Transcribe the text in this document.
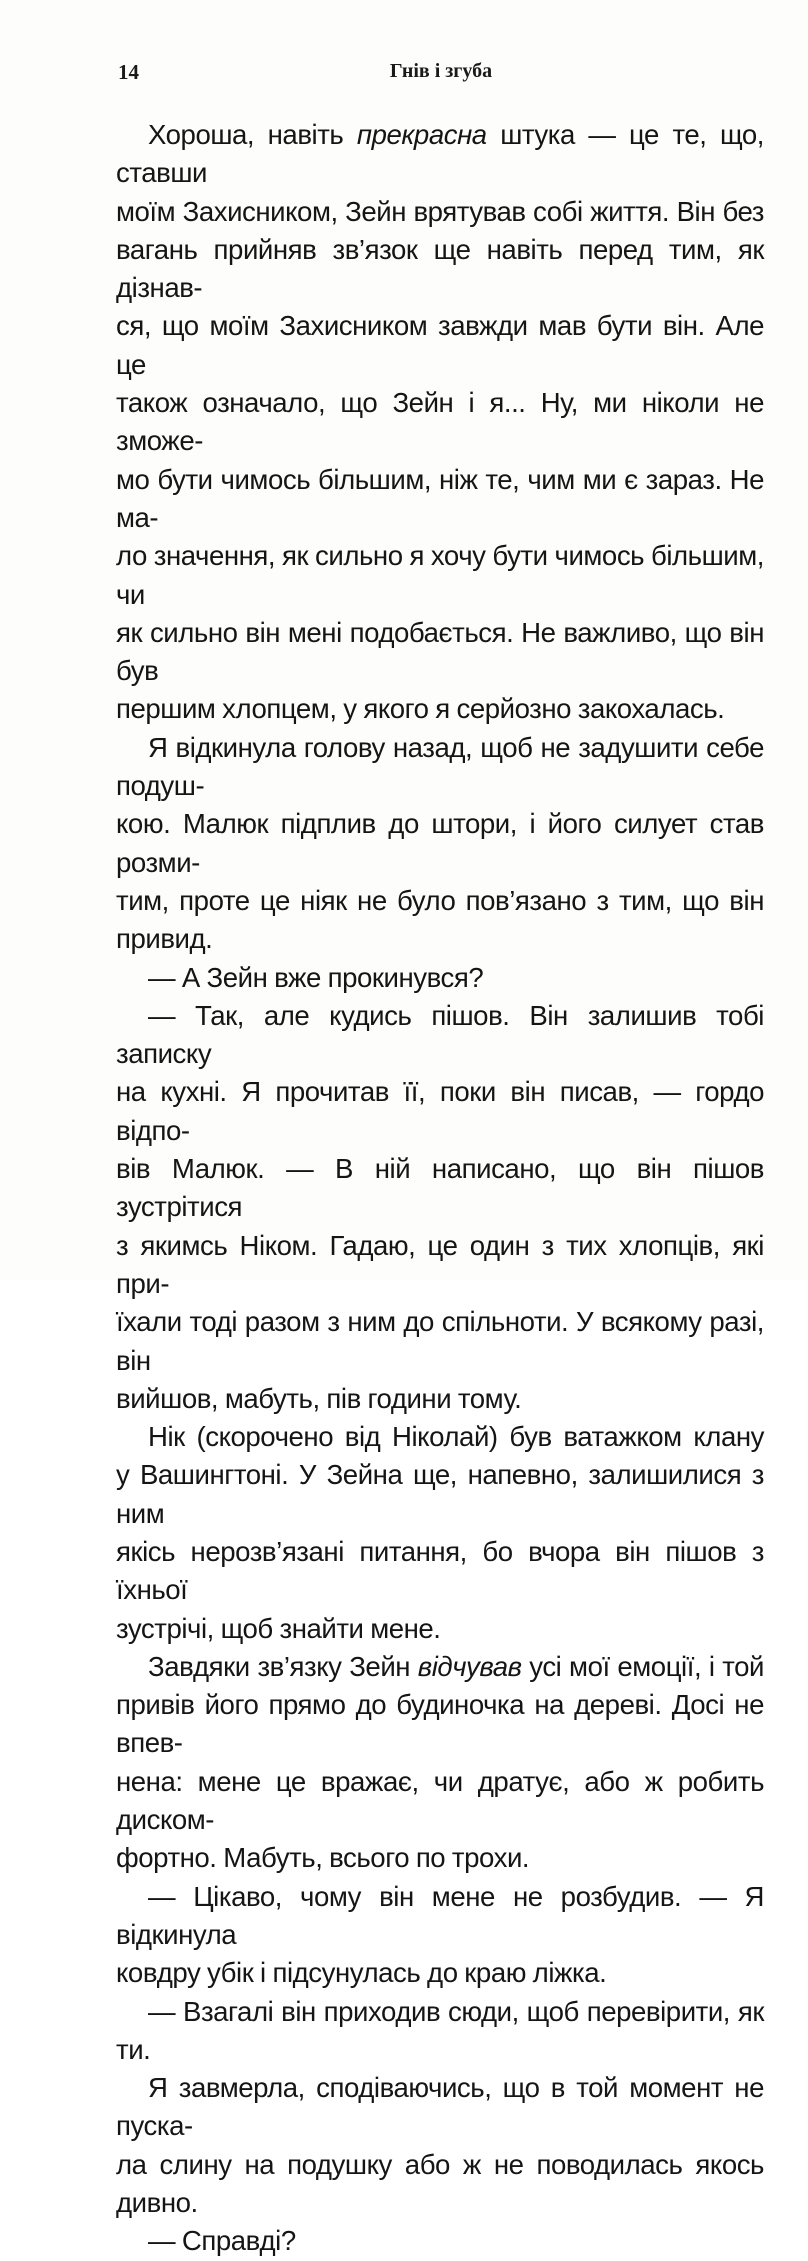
14	Гнів і згуба

Хороша, навіть прекрасна штука — це те, що, ставши
моїм Захисником, Зейн врятував собі життя. Він без
вагань прийняв зв’язок ще навіть перед тим, як дізнав-
ся, що моїм Захисником завжди мав бути він. Але це
також означало, що Зейн і я... Ну, ми ніколи не зможе-
мо бути чимось більшим, ніж те, чим ми є зараз. Не ма-
ло значення, як сильно я хочу бути чимось більшим, чи
як сильно він мені подобається. Не важливо, що він був
першим хлопцем, у якого я серйозно закохалась.

Я відкинула голову назад, щоб не задушити себе подуш-
кою. Малюк підплив до штори, і його силует став розми-
тим, проте це ніяк не було пов’язано з тим, що він привид.

— А Зейн вже прокинувся?

— Так, але кудись пішов. Він залишив тобі записку
на кухні. Я прочитав її, поки він писав, — гордо відпо-
вів Малюк. — В ній написано, що він пішов зустрітися
з якимсь Ніком. Гадаю, це один з тих хлопців, які при-
їхали тоді разом з ним до спільноти. У всякому разі, він
вийшов, мабуть, пів години тому.

Нік (скорочено від Ніколай) був ватажком клану
у Вашингтоні. У Зейна ще, напевно, залишилися з ним
якісь нерозв’язані питання, бо вчора він пішов з їхньої
зустрічі, щоб знайти мене.

Завдяки зв’язку Зейн відчував усі мої емоції, і той
привів його прямо до будиночка на дереві. Досі не впев-
нена: мене це вражає, чи дратує, або ж робить диском-
фортно. Мабуть, всього по трохи.

— Цікаво, чому він мене не розбудив. — Я відкинула
ковдру убік і підсунулась до краю ліжка.

— Взагалі він приходив сюди, щоб перевірити, як ти.

Я завмерла, сподіваючись, що в той момент не пуска-
ла слину на подушку або ж не поводилась якось дивно.

— Справді?
